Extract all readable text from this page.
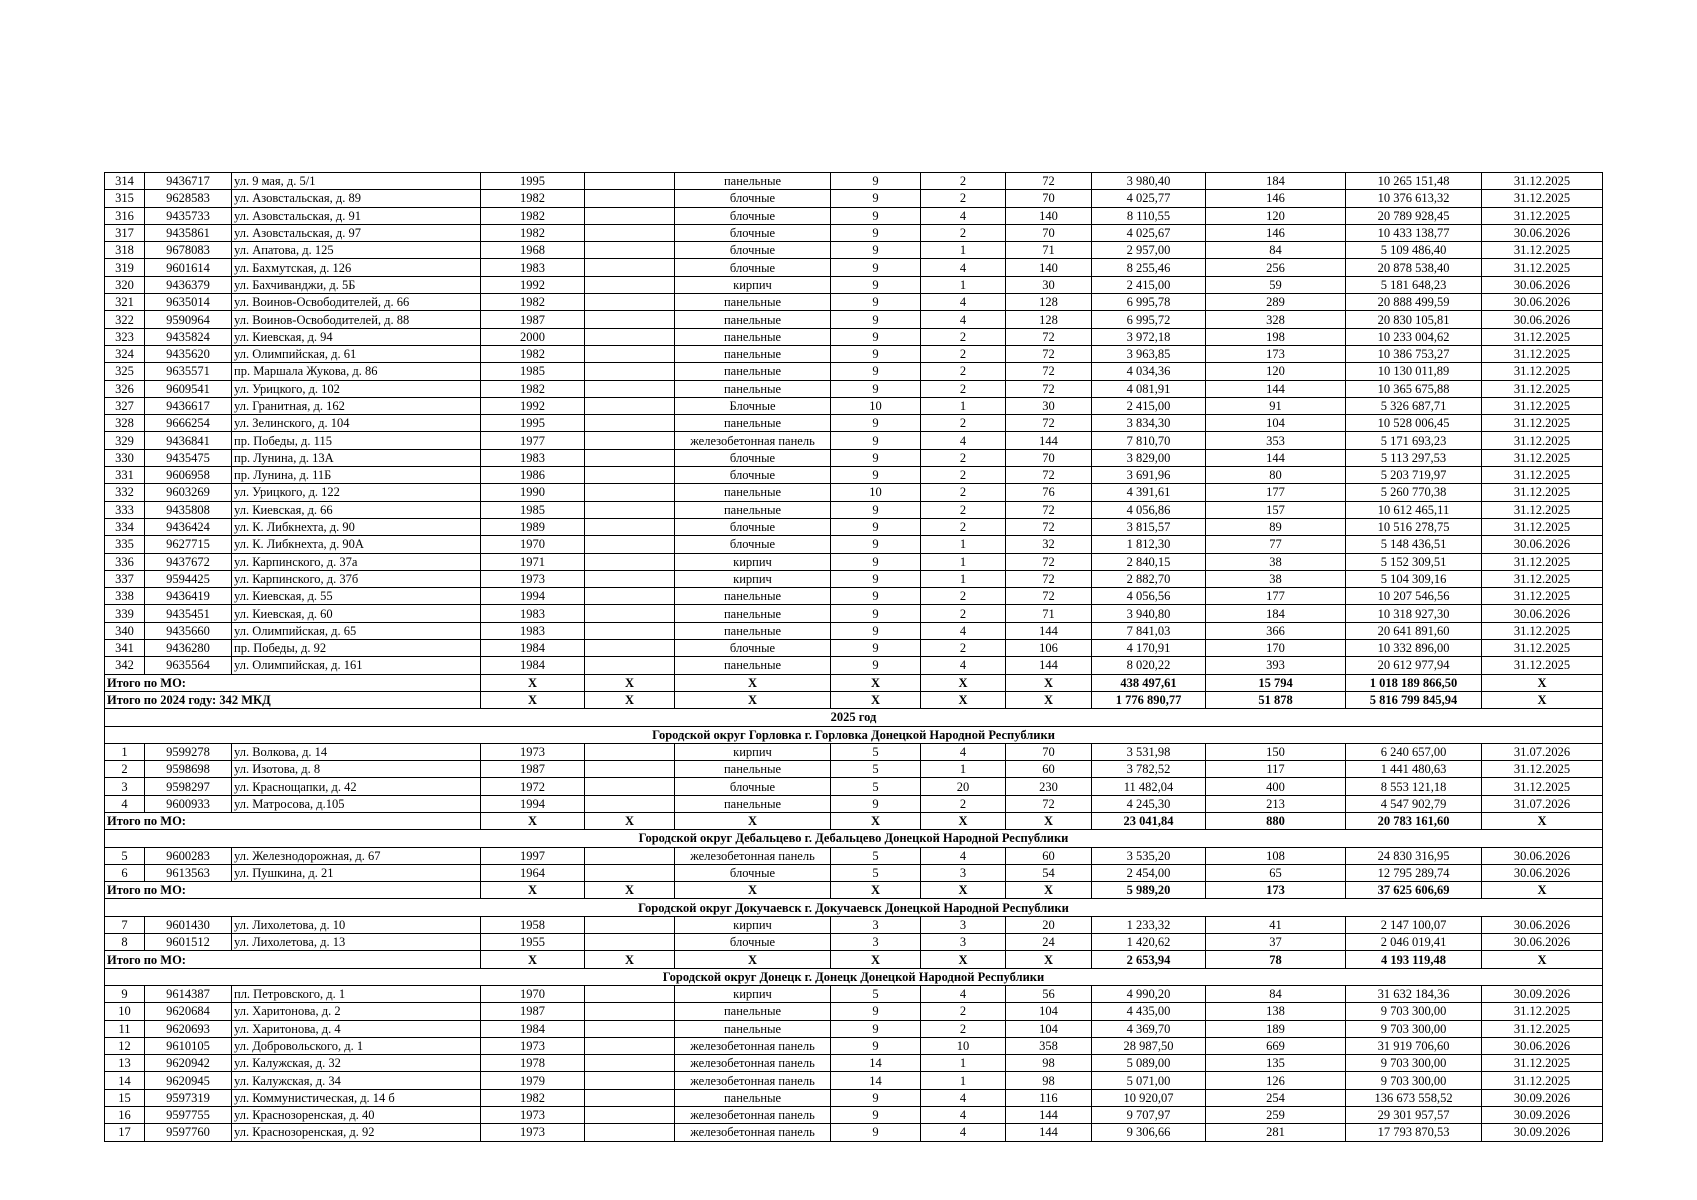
314	9436717	ул. 9 мая, д. 5/1	1995		панельные	9	2	72	3 980,40	184	10 265 151,48	31.12.2025
315	9628583	ул. Азовстальская, д. 89	1982		блочные	9	2	70	4 025,77	146	10 376 613,32	31.12.2025
316	9435733	ул. Азовстальская, д. 91	1982		блочные	9	4	140	8 110,55	120	20 789 928,45	31.12.2025
317	9435861	ул. Азовстальская, д. 97	1982		блочные	9	2	70	4 025,67	146	10 433 138,77	30.06.2026
318	9678083	ул. Апатова, д. 125	1968		блочные	9	1	71	2 957,00	84	5 109 486,40	31.12.2025
319	9601614	ул. Бахмутская, д. 126	1983		блочные	9	4	140	8 255,46	256	20 878 538,40	31.12.2025
320	9436379	ул. Бахчиванджи, д. 5Б	1992		кирпич	9	1	30	2 415,00	59	5 181 648,23	30.06.2026
321	9635014	ул. Воинов-Освободителей, д. 66	1982		панельные	9	4	128	6 995,78	289	20 888 499,59	30.06.2026
322	9590964	ул. Воинов-Освободителей, д. 88	1987		панельные	9	4	128	6 995,72	328	20 830 105,81	30.06.2026
323	9435824	ул. Киевская, д. 94	2000		панельные	9	2	72	3 972,18	198	10 233 004,62	31.12.2025
324	9435620	ул. Олимпийская, д. 61	1982		панельные	9	2	72	3 963,85	173	10 386 753,27	31.12.2025
325	9635571	пр. Маршала Жукова, д. 86	1985		панельные	9	2	72	4 034,36	120	10 130 011,89	31.12.2025
326	9609541	ул. Урицкого, д. 102	1982		панельные	9	2	72	4 081,91	144	10 365 675,88	31.12.2025
327	9436617	ул. Гранитная, д. 162	1992		Блочные	10	1	30	2 415,00	91	5 326 687,71	31.12.2025
328	9666254	ул. Зелинского, д. 104	1995		панельные	9	2	72	3 834,30	104	10 528 006,45	31.12.2025
329	9436841	пр. Победы, д. 115	1977		железобетонная панель	9	4	144	7 810,70	353	5 171 693,23	31.12.2025
330	9435475	пр. Лунина, д. 13А	1983		блочные	9	2	70	3 829,00	144	5 113 297,53	31.12.2025
331	9606958	пр. Лунина, д. 11Б	1986		блочные	9	2	72	3 691,96	80	5 203 719,97	31.12.2025
332	9603269	ул. Урицкого, д. 122	1990		панельные	10	2	76	4 391,61	177	5 260 770,38	31.12.2025
333	9435808	ул. Киевская, д. 66	1985		панельные	9	2	72	4 056,86	157	10 612 465,11	31.12.2025
334	9436424	ул. К. Либкнехта, д. 90	1989		блочные	9	2	72	3 815,57	89	10 516 278,75	31.12.2025
335	9627715	ул. К. Либкнехта, д. 90А	1970		блочные	9	1	32	1 812,30	77	5 148 436,51	30.06.2026
336	9437672	ул. Карпинского, д. 37а	1971		кирпич	9	1	72	2 840,15	38	5 152 309,51	31.12.2025
337	9594425	ул. Карпинского, д. 37б	1973		кирпич	9	1	72	2 882,70	38	5 104 309,16	31.12.2025
338	9436419	ул. Киевская, д. 55	1994		панельные	9	2	72	4 056,56	177	10 207 546,56	31.12.2025
339	9435451	ул. Киевская, д. 60	1983		панельные	9	2	71	3 940,80	184	10 318 927,30	30.06.2026
340	9435660	ул. Олимпийская, д. 65	1983		панельные	9	4	144	7 841,03	366	20 641 891,60	31.12.2025
341	9436280	пр. Победы, д. 92	1984		блочные	9	2	106	4 170,91	170	10 332 896,00	31.12.2025
342	9635564	ул. Олимпийская, д. 161	1984		панельные	9	4	144	8 020,22	393	20 612 977,94	31.12.2025
Итого по МО:			X	X	X	X	X	X	438 497,61	15 794	1 018 189 866,50	X
Итого по 2024 году: 342 МКД			X	X	X	X	X	X	1 776 890,77	51 878	5 816 799 845,94	X
2025 год												
Городской округ Горловка г. Горловка Донецкой Народной Республики												
1	9599278	ул. Волкова, д. 14	1973		кирпич	5	4	70	3 531,98	150	6 240 657,00	31.07.2026
2	9598698	ул. Изотова, д. 8	1987		панельные	5	1	60	3 782,52	117	1 441 480,63	31.12.2025
3	9598297	ул. Краснощапки, д. 42	1972		блочные	5	20	230	11 482,04	400	8 553 121,18	31.12.2025
4	9600933	ул. Матросова, д.105	1994		панельные	9	2	72	4 245,30	213	4 547 902,79	31.07.2026
Итого по МО:			X	X	X	X	X	X	23 041,84	880	20 783 161,60	X
Городской округ Дебальцево г. Дебальцево Донецкой Народной Республики												
5	9600283	ул. Железнодорожная, д. 67	1997		железобетонная панель	5	4	60	3 535,20	108	24 830 316,95	30.06.2026
6	9613563	ул. Пушкина, д. 21	1964		блочные	5	3	54	2 454,00	65	12 795 289,74	30.06.2026
Итого по МО:			X	X	X	X	X	X	5 989,20	173	37 625 606,69	X
Городской округ Докучаевск г. Докучаевск Донецкой Народной Республики												
7	9601430	ул. Лихолетова, д. 10	1958		кирпич	3	3	20	1 233,32	41	2 147 100,07	30.06.2026
8	9601512	ул. Лихолетова, д. 13	1955		блочные	3	3	24	1 420,62	37	2 046 019,41	30.06.2026
Итого по МО:			X	X	X	X	X	X	2 653,94	78	4 193 119,48	X
Городской округ Донецк г. Донецк Донецкой Народной Республики												
9	9614387	пл. Петровского, д. 1	1970		кирпич	5	4	56	4 990,20	84	31 632 184,36	30.09.2026
10	9620684	ул. Харитонова, д. 2	1987		панельные	9	2	104	4 435,00	138	9 703 300,00	31.12.2025
11	9620693	ул. Харитонова, д. 4	1984		панельные	9	2	104	4 369,70	189	9 703 300,00	31.12.2025
12	9610105	ул. Добровольского, д. 1	1973		железобетонная панель	9	10	358	28 987,50	669	31 919 706,60	30.06.2026
13	9620942	ул. Калужская, д. 32	1978		железобетонная панель	14	1	98	5 089,00	135	9 703 300,00	31.12.2025
14	9620945	ул. Калужская, д. 34	1979		железобетонная панель	14	1	98	5 071,00	126	9 703 300,00	31.12.2025
15	9597319	ул. Коммунистическая, д. 14 б	1982		панельные	9	4	116	10 920,07	254	136 673 558,52	30.09.2026
16	9597755	ул. Краснозоренская, д. 40	1973		железобетонная панель	9	4	144	9 707,97	259	29 301 957,57	30.09.2026
17	9597760	ул. Краснозоренская, д. 92	1973		железобетонная панель	9	4	144	9 306,66	281	17 793 870,53	30.09.2026
